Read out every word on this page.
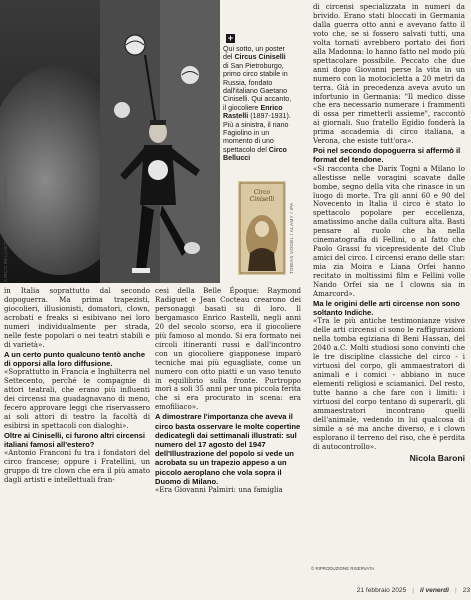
CIRCO BELLUCCI - PH. MIKE PALAZZOTTO	ULLSTEIN BILD VIA GETTY IMAGES
+
Qui sotto, un poster del Circus Ciniselli di San Pietroburgo, primo circo stabile in Russia, fondato dall'italiano Gaetano Ciniselli. Qui accanto, il giocoliere Enrico Rastelli (1897-1931). Più a sinistra, il nano Fagiolino in un momento di uno spettacolo del Circo Bellucci
Circo Ciniselli
TOBIAS VOGEL / ALAMY / IPA

in Italia soprattutto dal secondo dopoguerra. Ma prima trapezisti, giocolieri, illusionisti, domatori, clown, acrobati e freaks si esibivano nei loro numeri individualmente per strada, nelle feste popolari o nei teatri stabili e di varietà».

A un certo punto qualcuno tentò anche di opporsi alla loro diffusione.

«Soprattutto in Francia e Inghilterra nel Settecento, perché le compagnie di attori teatrali, che erano più influenti dei circensi ma guadagnavano di meno, fecero approvare leggi che riservassero ai soli attori di teatro la facoltà di esibirsi in spettacoli con dialoghi».

Oltre ai Ciniselli, ci furono altri circensi italiani famosi all'estero?

«Antonio Franconi fu tra i fondatori del circo francese; oppure i Fratellini, un gruppo di tre clown che era il più amato dagli artisti e intellettuali fran-

cesi della Belle Époque: Raymond Radiguet e Jean Cocteau crearono dei personaggi basati su di loro. Il bergamasco Enrico Rastelli, negli anni 20 del secolo scorso, era il giocoliere più famoso al mondo. Si era formato nei circoli itineranti russi e dall'incontro con un giocoliere giapponese imparò tecniche mai più eguagliate, come un numero con otto piatti e un vaso tenuto in equilibrio sulla fronte. Purtroppo morì a soli 35 anni per una piccola ferita che si era procurato in scena: era emofiliaco».

A dimostrare l'importanza che aveva il circo basta osservare le molte copertine dedicategli dai settimanali illustrati: sul numero del 17 agosto del 1947 dell'Illustrazione del popolo si vede un acrobata su un trapezio appeso a un piccolo aeroplano che vola sopra il Duomo di Milano.

«Era Giovanni Palmiri: una famiglia

di circensi specializzata in numeri da brivido. Erano stati bloccati in Germania dalla guerra otto anni e avevano fatto il voto che, se si fossero salvati tutti, una volta tornati avrebbero portato dei fiori alla Madonna: lo hanno fatto nel modo più spettacolare possibile. Peccato che due anni dopo Giovanni perse la vita in un numero con la motocicletta a 20 metri da terra. Già in precedenza aveva avuto un infortunio in Germania: "Il medico disse che era necessario numerare i frammenti di ossa per rimetterli assieme", raccontò ai giornali. Suo fratello Egidio fonderà la prima accademia di circo italiana, a Verona, che esiste tutt'ora».

Poi nel secondo dopoguerra si affermò il format del tendone.

«Si racconta che Darix Togni a Milano lo allestisse nelle voragini scavate dalle bombe, segno della vita che rinasce in un luogo di morte. Tra gli anni 60 e 90 del Novecento in Italia il circo è stato lo spettacolo popolare per eccellenza, amatissimo anche dalla cultura alta. Basti pensare al ruolo che ha nella cinematografia di Fellini, o al fatto che Paolo Grassi fu vicepresidente del Club amici del circo. I circensi erano delle star: mia zia Moira e Liana Orfei hanno recitato in moltissimi film e Fellini volle Nando Orfei sia ne I clowns sia in Amarcord».

Ma le origini delle arti circense non sono soltanto Indiche.

«Tra le più antiche testimonianze visive delle arti circensi ci sono le raffigurazioni nella tomba egiziana di Beni Hassan, del 2040 a.C. Molti studiosi sono convinti che le tre discipline classiche del circo - i virtuosi del corpo, gli ammaestratori di animali e i comici - abbiano in nuce elementi religiosi e sciamanici. Del resto, tutte hanno a che fare con i limiti: i virtuosi del corpo tentano di superarli, gli ammaestratori incontrano quelli dell'animale, vedendo in lui qualcosa di simile a sé ma anche diverso, e i clown esplorano il terreno del riso, che è perdita di autocontrollo».

Nicola Baroni

© RIPRODUZIONE RISERVATA
21 febbraio 2025 | il venerdì | 23
